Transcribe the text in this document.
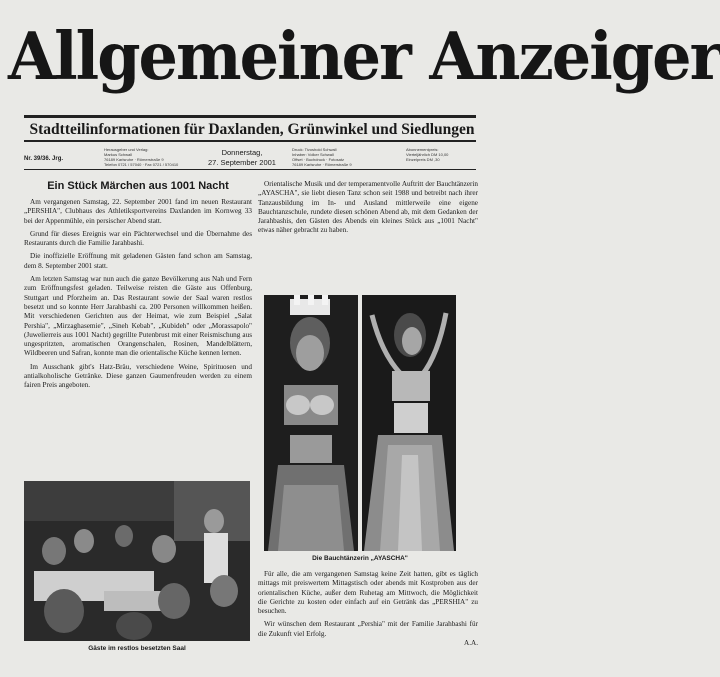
Allgemeiner Anzeiger
Stadtteilinformationen für Daxlanden, Grünwinkel und Siedlungen
Nr. 39/36. Jrg.
Herausgeber und Verlag:
Markus Schwall
76189 Karlsruhe · Römerstraße 9
Telefon 0721 / 57040 · Fax 0721 / 570410
Donnerstag,
27. September 2001
Druck: Tivoshold Schwall
Inhaber: Volker Schwall
Offset · Buchdruck · Fotosatz
76189 Karlsruhe · Römerstraße 9
Abonnementpreis:
Vierteljährlich DM 10,00
Einzelpreis DM ,30
Ein Stück Märchen aus 1001 Nacht

Am vergangenen Samstag, 22. September 2001 fand im neuen Restaurant „PERSHIA", Clubhaus des Athletiksportvereins Daxlanden im Kornweg 33 bei der Appenmühle, ein persischer Abend statt.

Grund für dieses Ereignis war ein Pächterwechsel und die Übernahme des Restaurants durch die Familie Jarahbashi.

Die inoffizielle Eröffnung mit geladenen Gästen fand schon am Samstag, dem 8. September 2001 statt.

Am letzten Samstag war nun auch die ganze Bevölkerung aus Nah und Fern zum Eröffnungsfest geladen. Teilweise reisten die Gäste aus Offenburg, Stuttgart und Pforzheim an. Das Restaurant sowie der Saal waren restlos besetzt und so konnte Herr Jarahbashi ca. 200 Personen willkommen heißen. Mit verschiedenen Gerichten aus der Heimat, wie zum Beispiel „Salat Pershia", „Mirzaghasemie", „Sineh Kebab", „Kubideh" oder „Morassapolo" (Juwelierreis aus 1001 Nacht) gegrillte Putenbrust mit einer Reismischung aus ungespritzten, aromatischen Orangenschalen, Rosinen, Mandelblättern, Wildbeeren und Safran, konnte man die orientalische Küche kennen lernen.

Im Ausschank gibt's Hatz-Bräu, verschiedene Weine, Spirituosen und antialkoholische Getränke. Diese ganzen Gaumenfreuden werden zu einem fairen Preis angeboten.

Gäste im restlos besetzten Saal

Orientalische Musik und der temperamentvolle Auftritt der Bauchtänzerin „AYASCHA", sie liebt diesen Tanz schon seit 1988 und betreibt nach ihrer Tanzausbildung im In- und Ausland mittlerweile eine eigene Bauchtanzschule, rundete diesen schönen Abend ab, mit dem Gedanken der Jarahbashis, den Gästen des Abends ein kleines Stück aus „1001 Nacht" etwas näher gebracht zu haben.

Die Bauchtänzerin „AYASCHA"

Für alle, die am vergangenen Samstag keine Zeit hatten, gibt es täglich mittags mit preiswertem Mittagstisch oder abends mit Kostproben aus der orientalischen Küche, außer dem Ruhetag am Mittwoch, die Möglichkeit die Gerichte zu kosten oder einfach auf ein Getränk das „PERSHIA" zu besuchen.

Wir wünschen dem Restaurant „Pershia" mit der Familie Jarahbashi für die Zukunft viel Erfolg.

A.A.
